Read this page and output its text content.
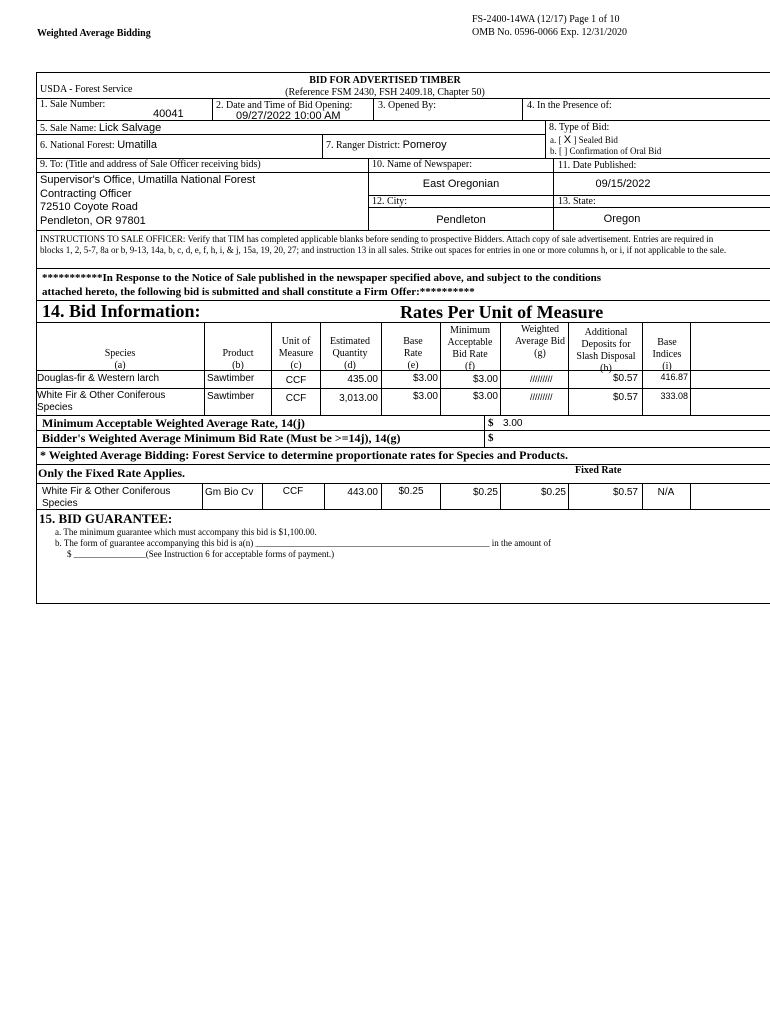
Weighted Average Bidding
FS-2400-14WA (12/17) Page 1 of 10
OMB No. 0596-0066 Exp. 12/31/2020
BID FOR ADVERTISED TIMBER
(Reference FSM 2430, FSH 2409.18, Chapter 50)
USDA - Forest Service
1. Sale Number:
40041
2. Date and Time of Bid Opening:
09/27/2022 10:00 AM
3. Opened By:	4. In the Presence of:
5. Sale Name: Lick Salvage	8. Type of Bid:
6. National Forest: Umatilla	7. Ranger District: Pomeroy	a. [ X ] Sealed Bid
b. [ ] Confirmation of Oral Bid
9. To: (Title and address of Sale Officer receiving bids)
Supervisor's Office, Umatilla National Forest
Contracting Officer
72510 Coyote Road
Pendleton, OR 97801
10. Name of Newspaper:	11. Date Published:
East Oregonian	09/15/2022
12. City:	13. State:
Pendleton	Oregon
INSTRUCTIONS TO SALE OFFICER: Verify that TIM has completed applicable blanks before sending to prospective Bidders. Attach copy of sale advertisement. Entries are required in blocks 1, 2, 5-7, 8a or b, 9-13, 14a, b, c, d, e, f, h, i, & j, 15a, 19, 20, 27; and instruction 13 in all sales. Strike out spaces for entries in one or more columns h, or i, if not applicable to the sale.
***********In Response to the Notice of Sale published in the newspaper specified above, and subject to the conditions
attached hereto, the following bid is submitted and shall constitute a Firm Offer:**********
14. Bid Information:	Rates Per Unit of Measure
Species
(a)
Product
(b)
Unit of Measure
(c)
Estimated Quantity
(d)
Base Rate
(e)
Minimum Acceptable Bid Rate
(f)
Weighted Average Bid
(g)
Additional Deposits for Slash Disposal
(h)
Base Indices
(i)
Douglas-fir & Western larch	Sawtimber	CCF	435.00	$3.00	$3.00	/////////	$0.57	416.87
White Fir & Other Coniferous Species
Sawtimber	CCF	3,013.00	$3.00	$3.00	/////////	$0.57	333.08
Minimum Acceptable Weighted Average Rate, 14(j)	$ 3.00
Bidder's Weighted Average Minimum Bid Rate (Must be >=14j), 14(g)	$
* Weighted Average Bidding: Forest Service to determine proportionate rates for Species and Products.
Only the Fixed Rate Applies.	Fixed Rate
White Fir & Other Coniferous Species
Gm Bio Cv	CCF	443.00	$0.25	$0.25	$0.25	$0.57	N/A
15. BID GUARANTEE:
a. The minimum guarantee which must accompany this bid is $1,100.00.
b. The form of guarantee accompanying this bid is a(n) ____________________________________________________ in the amount of
$ ________________(See Instruction 6 for acceptable forms of payment.)
